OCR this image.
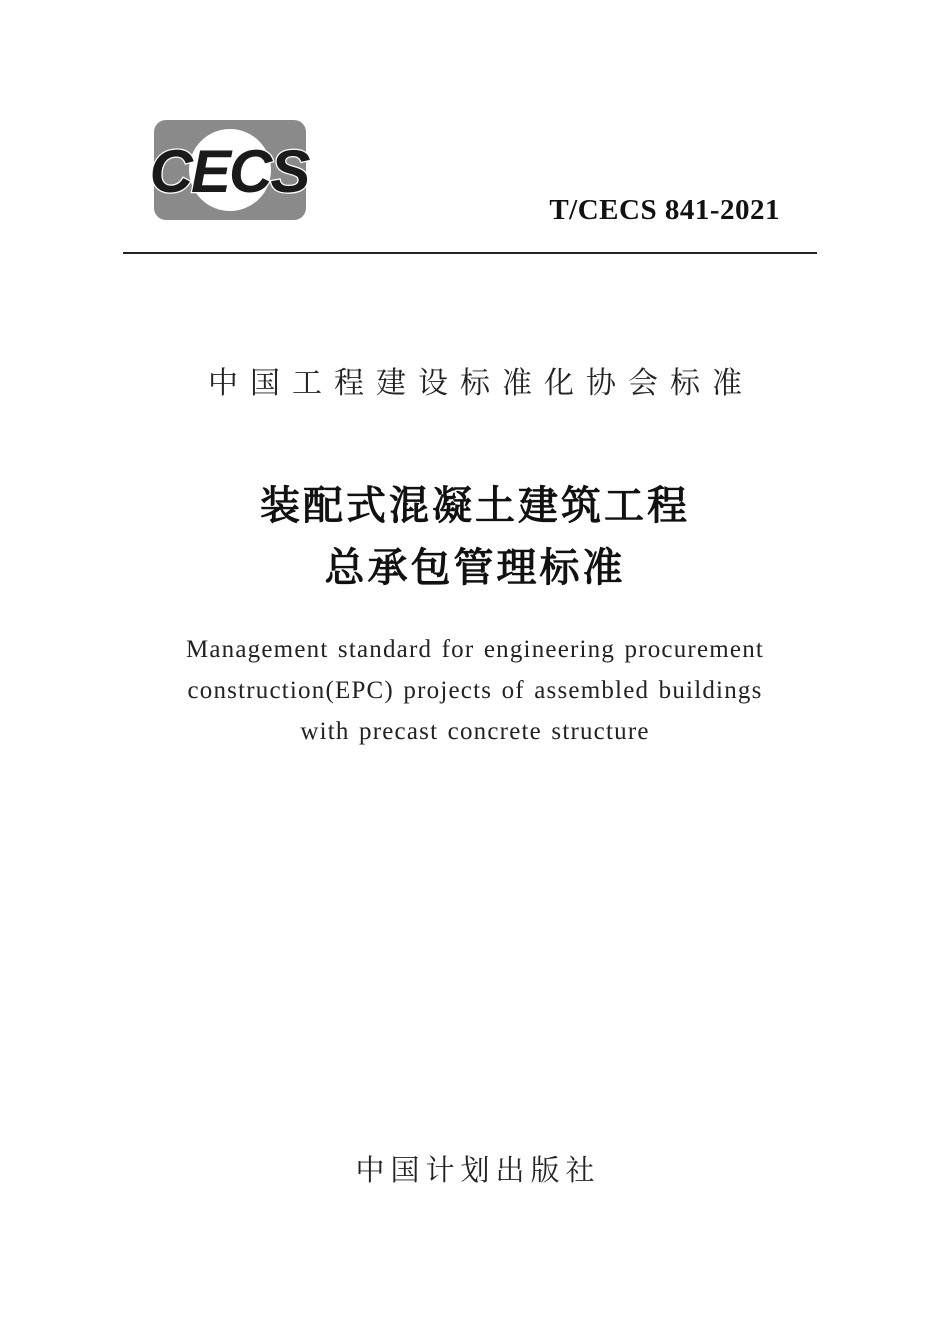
CECS
T/CECS 841-2021
中国工程建设标准化协会标准
装配式混凝土建筑工程
总承包管理标准
Management standard for engineering procurement
construction(EPC) projects of assembled buildings
with precast concrete structure
中国计划出版社
